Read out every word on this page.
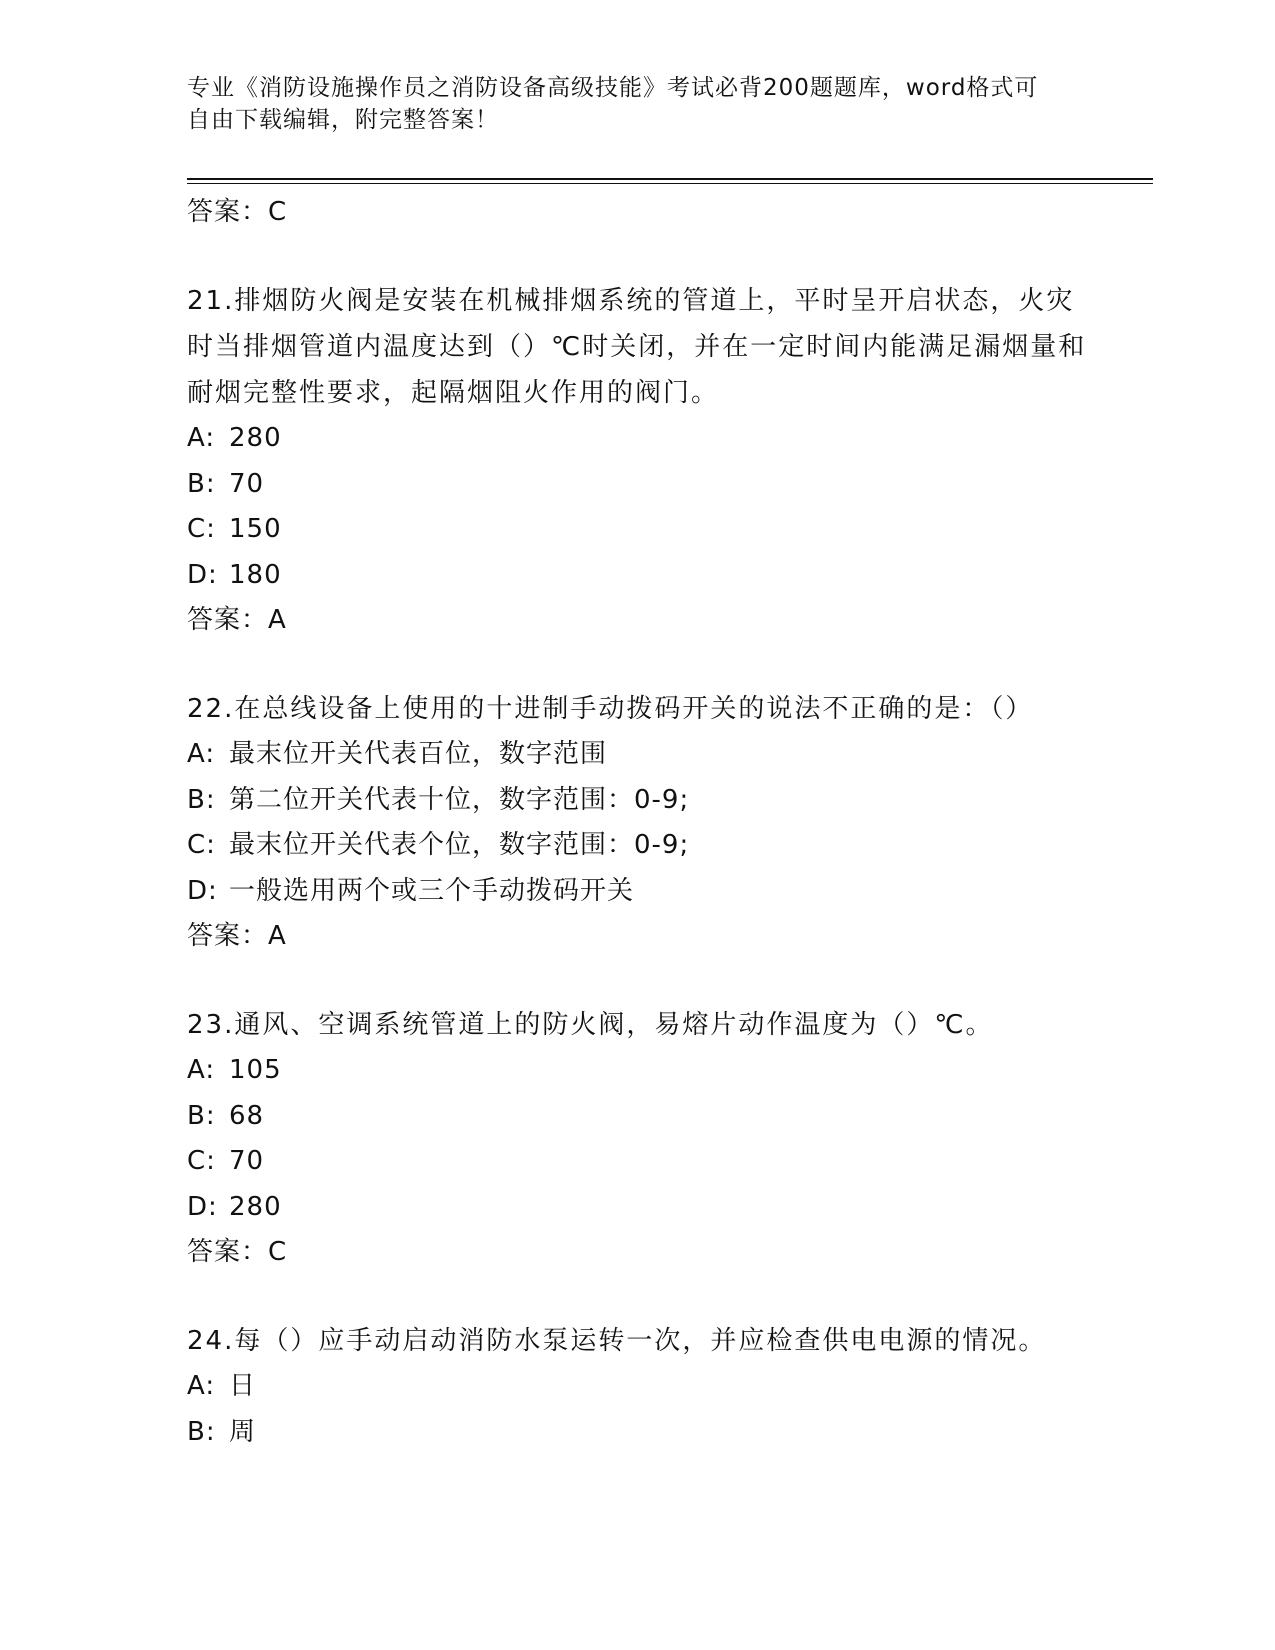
专业《消防设施操作员之消防设备高级技能》考试必背200题题库，word格式可
自由下载编辑，附完整答案！
答案：C
21.排烟防火阀是安装在机械排烟系统的管道上，平时呈开启状态，火灾时当排烟管道内温度达到（）℃时关闭，并在一定时间内能满足漏烟量和耐烟完整性要求，起隔烟阻火作用的阀门。
A: 280
B: 70
C: 150
D: 180
答案：A
22.在总线设备上使用的十进制手动拨码开关的说法不正确的是：（）
A: 最末位开关代表百位，数字范围
B: 第二位开关代表十位，数字范围：0-9;
C: 最末位开关代表个位，数字范围：0-9;
D: 一般选用两个或三个手动拨码开关
答案：A
23.通风、空调系统管道上的防火阀，易熔片动作温度为（）℃。
A: 105
B: 68
C: 70
D: 280
答案：C
24.每（）应手动启动消防水泵运转一次，并应检查供电电源的情况。
A: 日
B: 周
